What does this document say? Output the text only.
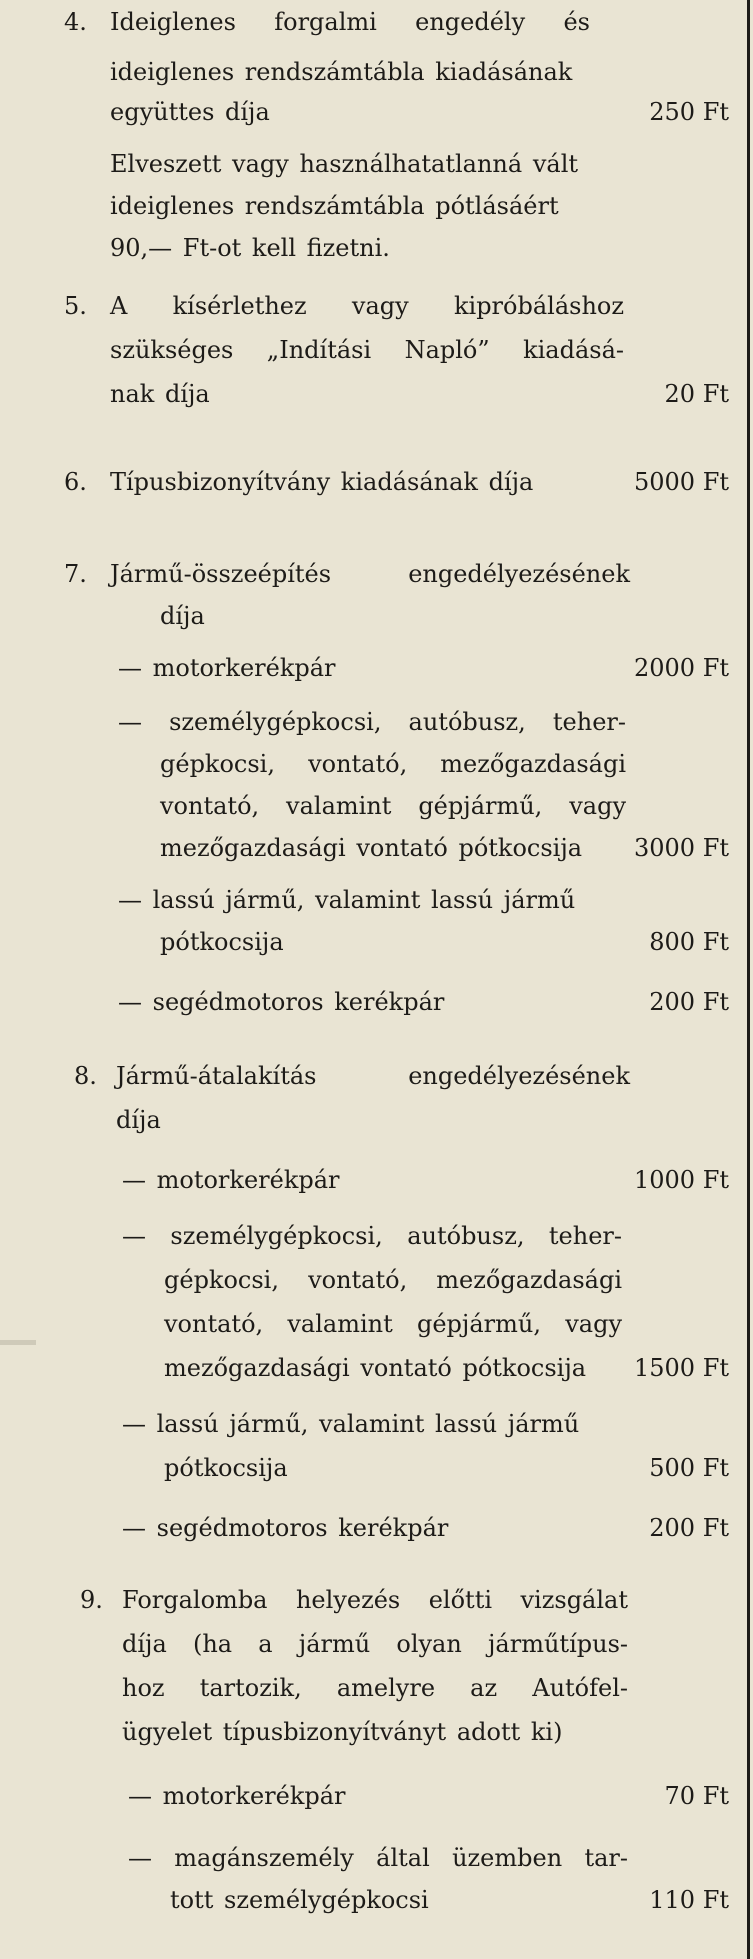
4. Ideiglenes forgalmi engedély és
ideiglenes rendszámtábla kiadásának
együttes díja	250 Ft
Elveszett vagy használhatatlanná vált
ideiglenes rendszámtábla pótlásáért
90,— Ft-ot kell fizetni.
5. A kísérlethez vagy kipróbáláshoz
szükséges „Indítási Napló” kiadásá-
nak díja	20 Ft
6. Típusbizonyítvány kiadásának díja	5000 Ft
7. Jármű-összeépítés engedélyezésének
díja
— motorkerékpár	2000 Ft
— személygépkocsi, autóbusz, teher-
gépkocsi, vontató, mezőgazdasági
vontató, valamint gépjármű, vagy
mezőgazdasági vontató pótkocsija 3000 Ft
— lassú jármű, valamint lassú jármű
pótkocsija	800 Ft
— segédmotoros kerékpár	200 Ft
8. Jármű-átalakítás engedélyezésének
díja
— motorkerékpár	1000 Ft
— személygépkocsi, autóbusz, teher-
gépkocsi, vontató, mezőgazdasági
vontató, valamint gépjármű, vagy
mezőgazdasági vontató pótkocsija 1500 Ft
— lassú jármű, valamint lassú jármű
pótkocsija	500 Ft
— segédmotoros kerékpár	200 Ft
9. Forgalomba helyezés előtti vizsgálat
díja (ha a jármű olyan járműtípus-
hoz tartozik, amelyre az Autófel-
ügyelet típusbizonyítványt adott ki)
— motorkerékpár	70 Ft
— magánszemély által üzemben tar-
tott személygépkocsi	110 Ft
